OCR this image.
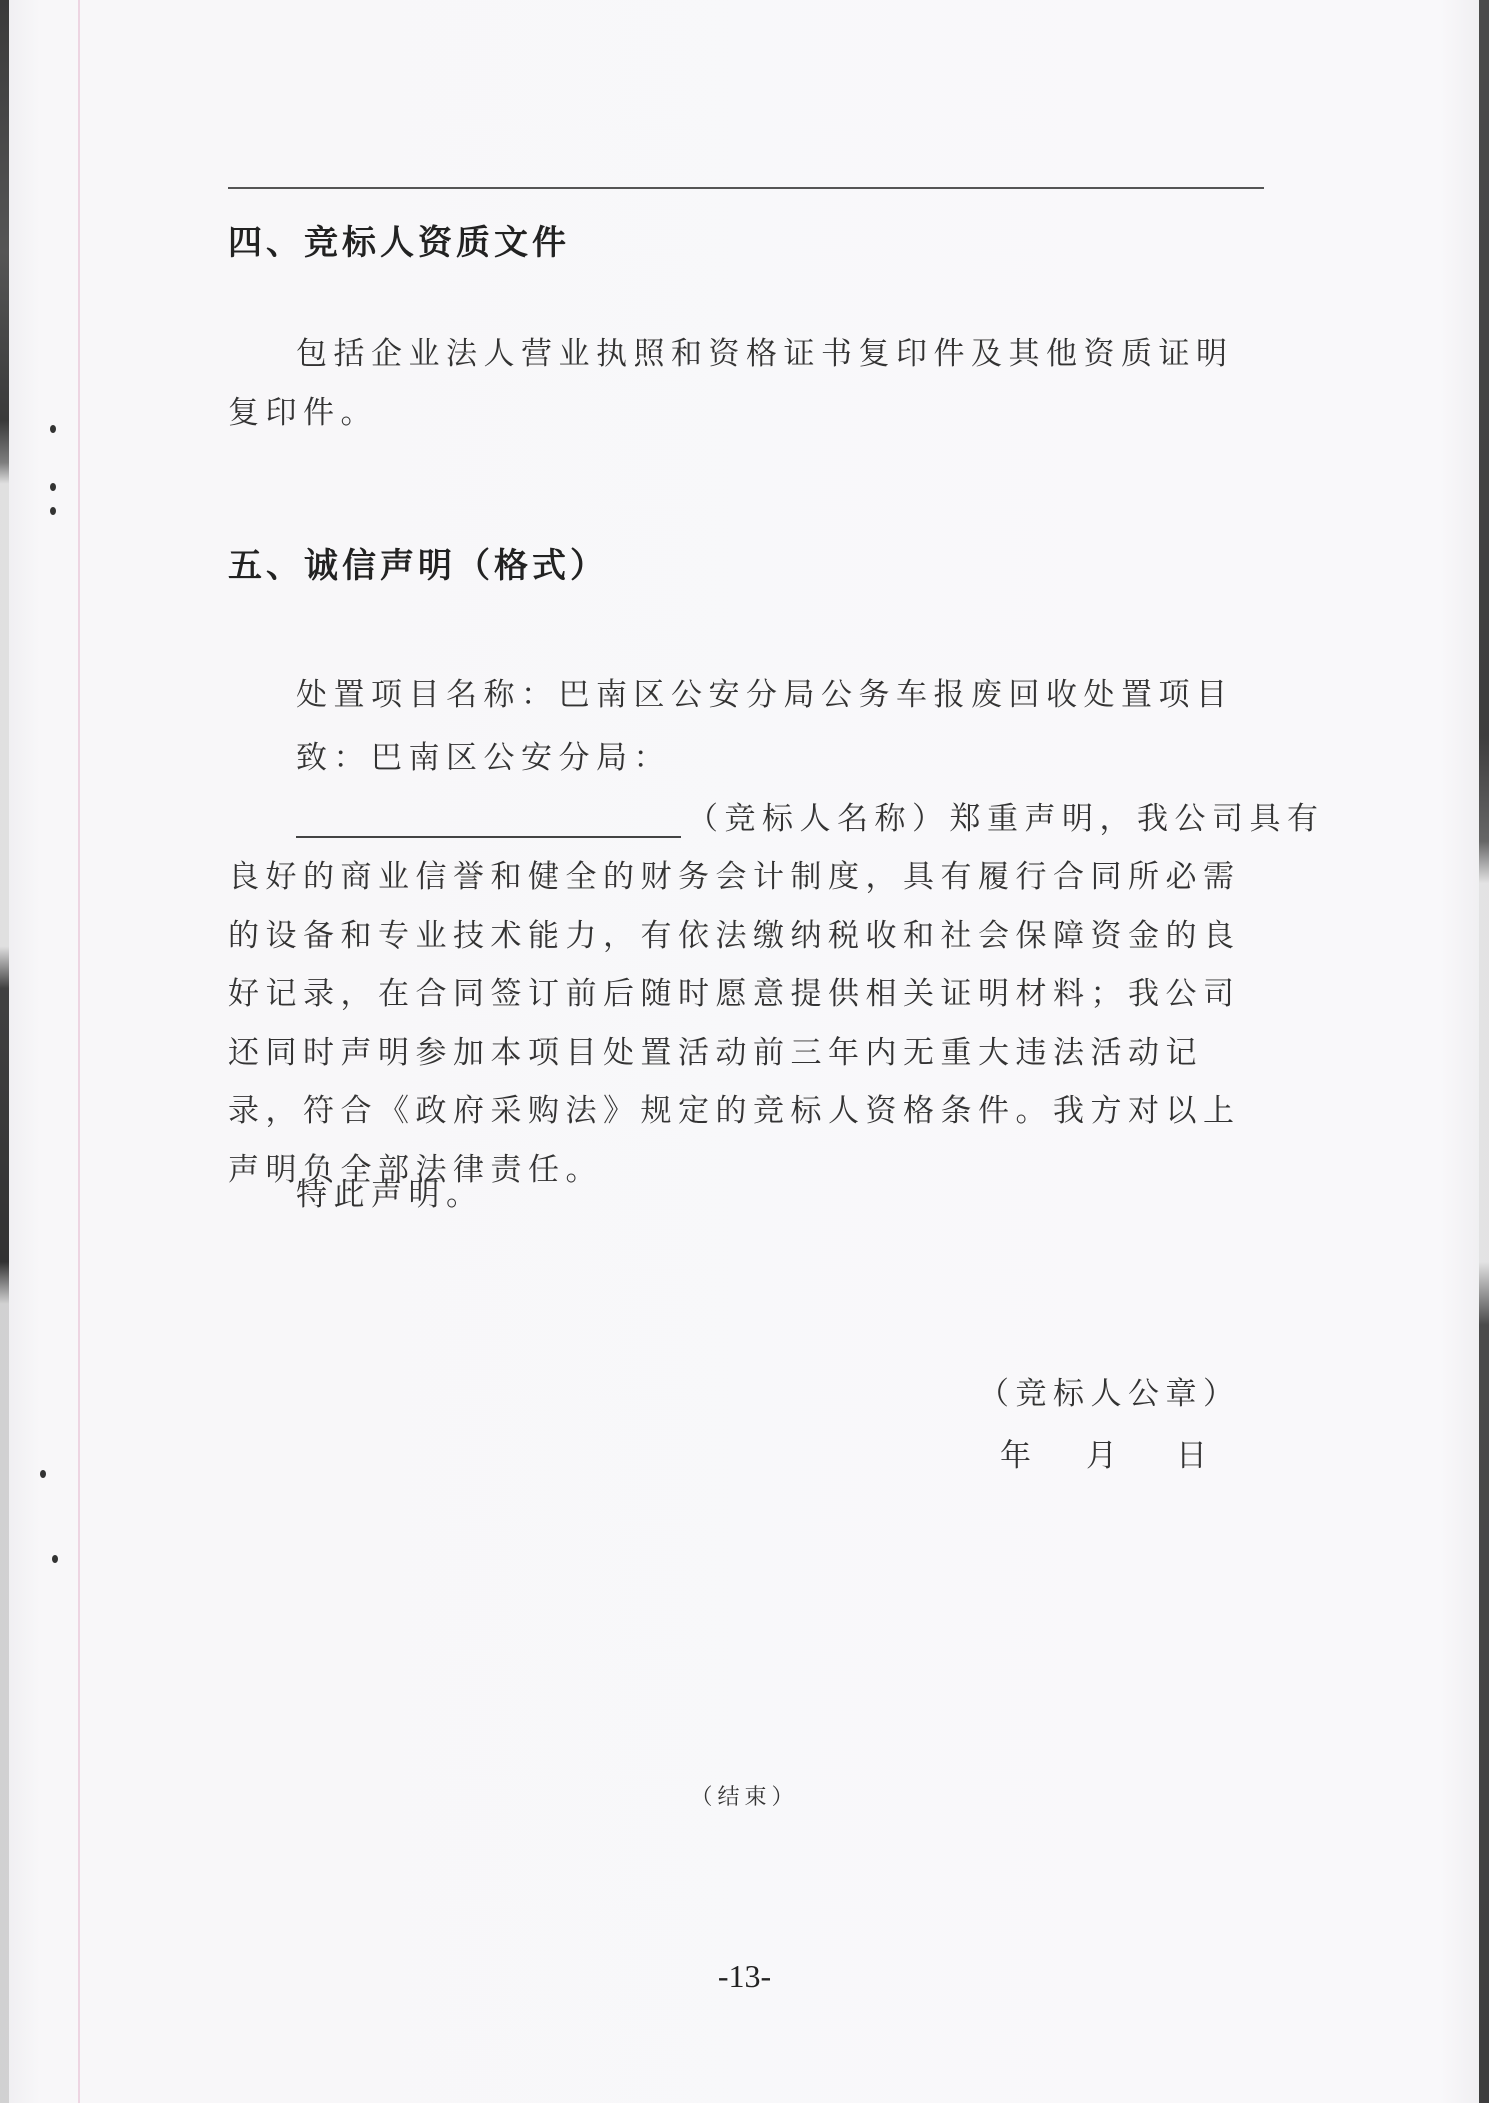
四、竞标人资质文件
包括企业法人营业执照和资格证书复印件及其他资质证明复印件。
五、诚信声明（格式）
处置项目名称：巴南区公安分局公务车报废回收处置项目
致：巴南区公安分局：
（竞标人名称）郑重声明，我公司具有
良好的商业信誉和健全的财务会计制度，具有履行合同所必需的设备和专业技术能力，有依法缴纳税收和社会保障资金的良好记录，在合同签订前后随时愿意提供相关证明材料；我公司还同时声明参加本项目处置活动前三年内无重大违法活动记录，符合《政府采购法》规定的竞标人资格条件。我方对以上声明负全部法律责任。
特此声明。
（竞标人公章）
年 月 日
（结束）
-13-
